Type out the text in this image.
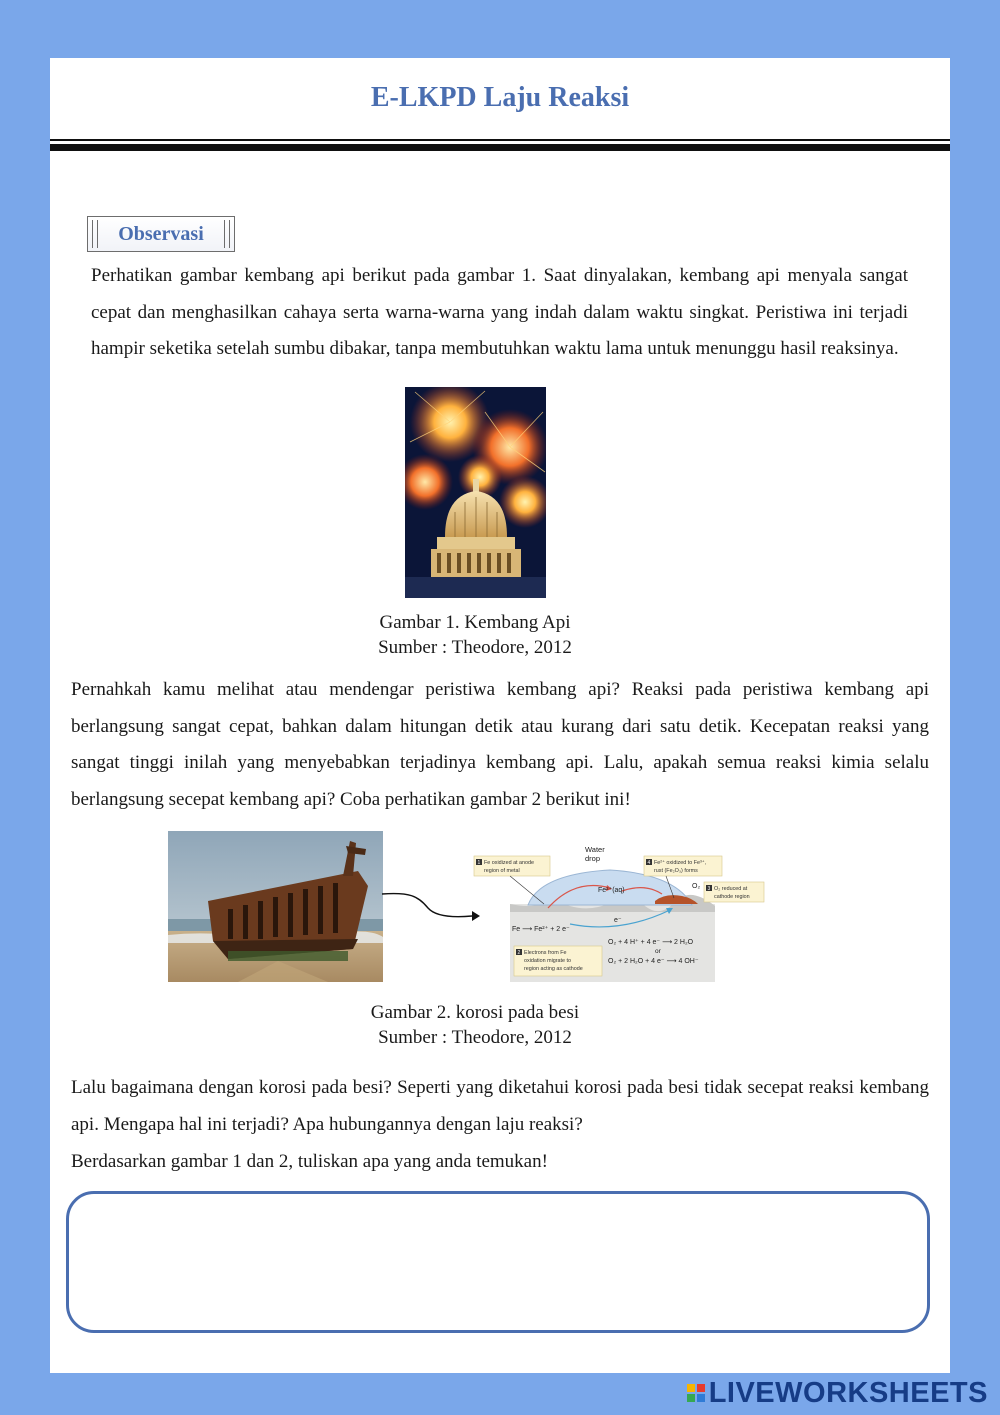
E-LKPD Laju Reaksi
Observasi

Perhatikan gambar kembang api berikut pada gambar 1. Saat dinyalakan, kembang api menyala sangat cepat dan menghasilkan cahaya serta warna-warna yang indah dalam waktu singkat. Peristiwa ini terjadi hampir seketika setelah sumbu dibakar, tanpa membutuhkan waktu lama untuk menunggu hasil reaksinya.

Gambar 1. Kembang Api
Sumber : Theodore, 2012

Pernahkah kamu melihat atau mendengar peristiwa kembang api? Reaksi pada peristiwa kembang api berlangsung sangat cepat, bahkan dalam hitungan detik atau kurang dari satu detik. Kecepatan reaksi yang sangat tinggi inilah yang menyebabkan terjadinya kembang api. Lalu, apakah semua reaksi kimia selalu berlangsung secepat kembang api? Coba perhatikan gambar 2 berikut ini!

Water
drop
Fe²⁺(aq)
e⁻
O₂
Fe ⟶ Fe²⁺ + 2 e⁻
O₂ + 4 H⁺ + 4 e⁻ ⟶ 2 H₂O
or
O₂ + 2 H₂O + 4 e⁻ ⟶ 4 OH⁻
1 Fe oxidized at anode
region of metal
2 Electrons from Fe
oxidation migrate to
region acting as cathode
3 O₂ reduced at
cathode region
4 Fe²⁺ oxidized to Fe³⁺,
rust (Fe₂O₃) forms
Gambar 2. korosi pada besi
Sumber : Theodore, 2012

Lalu bagaimana dengan korosi pada besi? Seperti yang diketahui korosi pada besi tidak secepat reaksi kembang api. Mengapa hal ini terjadi? Apa hubungannya dengan laju reaksi?

Berdasarkan gambar 1 dan 2, tuliskan apa yang anda temukan!

LIVEWORKSHEETS
